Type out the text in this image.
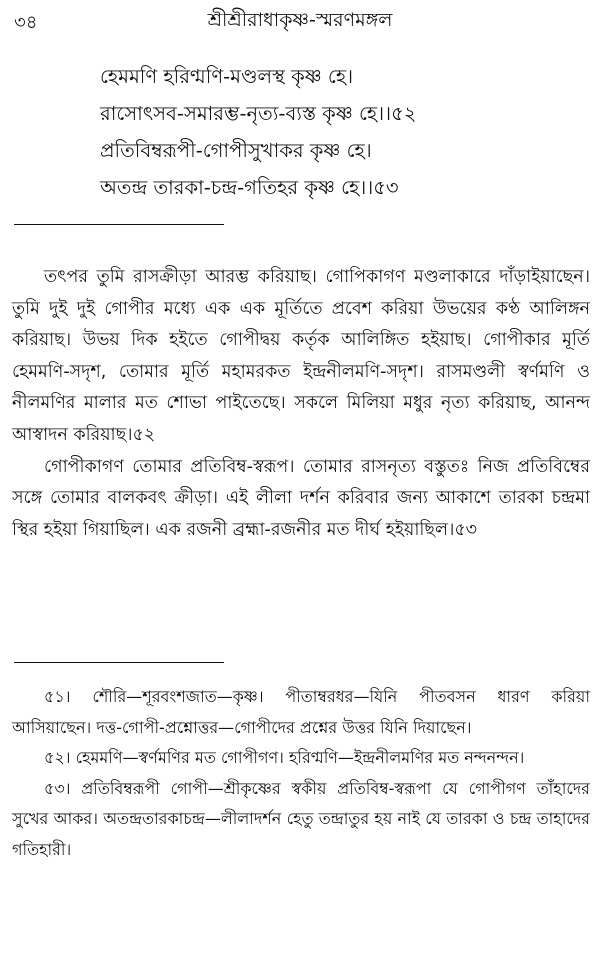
৩৪	শ্রীশ্রীরাধাকৃষ্ণ-স্মরণমঙ্গল
হেমমণি হরিণ্মণি-মণ্ডলস্থ কৃষ্ণ হে।
রাসোৎসব-সমারম্ভ-নৃত্য-ব্যস্ত কৃষ্ণ হে।।৫২
প্রতিবিম্বরূপী-গোপীসুখাকর কৃষ্ণ হে।
অতন্দ্র তারকা-চন্দ্র-গতিহর কৃষ্ণ হে।।৫৩

তৎপর তুমি রাসক্রীড়া আরম্ভ করিয়াছ। গোপিকাগণ মণ্ডলাকারে দাঁড়াইয়াছেন। তুমি দুই দুই গোপীর মধ্যে এক এক মূর্তিতে প্রবেশ করিয়া উভয়ের কণ্ঠ আলিঙ্গন করিয়াছ। উভয় দিক হইতে গোপীদ্বয় কর্তৃক আলিঙ্গিত হইয়াছ। গোপীকার মূর্তি হেমমণি-সদৃশ, তোমার মূর্তি মহামরকত ইন্দ্রনীলমণি-সদৃশ। রাসমণ্ডলী স্বর্ণমণি ও নীলমণির মালার মত শোভা পাইতেছে। সকলে মিলিয়া মধুর নৃত্য করিয়াছ, আনন্দ আস্বাদন করিয়াছ।৫২

গোপীকাগণ তোমার প্রতিবিম্ব-স্বরূপ। তোমার রাসনৃত্য বস্তুতঃ নিজ প্রতিবিম্বের সঙ্গে তোমার বালকবৎ ক্রীড়া। এই লীলা দর্শন করিবার জন্য আকাশে তারকা চন্দ্রমা স্থির হইয়া গিয়াছিল। এক রজনী ব্রহ্মা-রজনীর মত দীর্ঘ হইয়াছিল।৫৩

৫১। শৌরি—শূরবংশজাত—কৃষ্ণ। পীতাম্বরধর—যিনি পীতবসন ধারণ করিয়া আসিয়াছেন। দত্ত-গোপী-প্রশ্নোত্তর—গোপীদের প্রশ্নের উত্তর যিনি দিয়াছেন।

৫২। হেমমণি—স্বর্ণমণির মত গোপীগণ। হরিণ্মণি—ইন্দ্রনীলমণির মত নন্দনন্দন।

৫৩। প্রতিবিম্বরূপী গোপী—শ্রীকৃষ্ণের স্বকীয় প্রতিবিম্ব-স্বরূপা যে গোপীগণ তাঁহাদের সুখের আকর। অতন্দ্রতারকাচন্দ্র—লীলাদর্শন হেতু তন্দ্রাতুর হয় নাই যে তারকা ও চন্দ্র তাহাদের গতিহারী।
